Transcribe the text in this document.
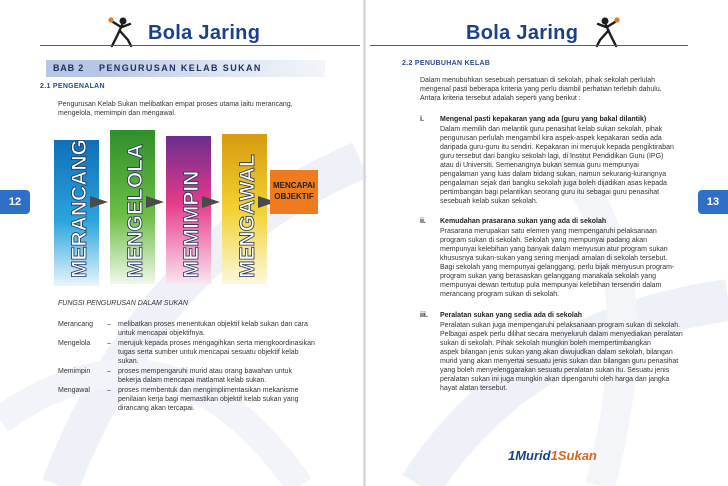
Bola Jaring	Bola Jaring
12	13
BAB 2 PENGURUSAN KELAB SUKAN
2.1 PENGENALAN
Pengurusan Kelab Sukan melibatkan empat proses utama iaitu merancang,
mengelola, memimpin dan mengawal.
MENCAPAI
OBJEKTIF
MERANCANG MENGELOLA MEMIMPIN MENGAWAL
FUNGSI PENGURUSAN DALAM SUKAN
Merancang	– melibatkan proses menentukan objektif kelab sukan dan cara
untuk mencapai objektifnya.
Mengelola	– merujuk kepada proses mengagihkan serta mengkoordinasikan
tugas serta sumber untuk mencapai sesuatu objektif kelab
sukan.
Memimpin	– proses mempengaruhi murid atau orang bawahan untuk
bekerja dalam mencapai matlamat kelab sukan.
Mengawal	– proses membentuk dan mengimplimentasikan mekanisme
penilaian kerja bagi memastikan objektif kelab sukan yang
dirancang akan tercapai.
2.2 PENUBUHAN KELAB
Dalam menubuhkan sesebuah persatuan di sekolah, pihak sekolah perlulah
mengenal pasti beberapa kriteria yang perlu diambil perhatian terlebih dahulu.
Antara kriteria tersebut adalah seperti yang berikut :
i. Mengenal pasti kepakaran yang ada (guru yang bakal dilantik)
Dalam memilih dan melantik guru penasihat kelab sukan sekolah, pihak
pengurusan perlulah mengambil kira aspek-aspek kepakaran sedia ada
daripada guru-guru itu sendiri. Kepakaran ini merujuk kepada pengiktiraban
guru tersebut dari bangku sekolah lagi, di Institut Pendidikan Guru (IPG)
atau di Universiti. Semenangnya bukan semua guru mempunyai
pengalaman yang luas dalam bidang sukan, namun sekurang-kurangnya
pengalaman sejak dari bangku sekolah juga boleh dijadikan asas kepada
pertimbangan bagi pelantikan seorang guru itu sebagai guru penasihat
sesebuah kelab sukan sekolah.
ii. Kemudahan prasarana sukan yang ada di sekolah
Prasarana merupakan satu elemen yang mempengaruhi pelaksanaan
program sukan di sekolah. Sekolah yang mempunyai padang akan
mempunyai kelebihan yang banyak dalam menyusun atur program sukan
khususnya sukan-sukan yang sering menjadi amalan di sekolah tersebut.
Bagi sekolah yang mempunyai gelanggang, perlu bijak menyusun program-
program sukan yang berasaskan gelanggang manakala sekolah yang
mempunyai dewan tertutup pula mempunyai kelebihan tersendiri dalam
merancang program sukan di sekolah.
iii. Peralatan sukan yang sedia ada di sekolah
Peralatan sukan juga mempengaruhi pelaksanaan program sukan di sekolah.
Pelbagai aspek perlu dilihat secara menyeluruh dalam menyediakan peralatan
sukan di sekolah. Pihak sekolah mungkin boleh mempertimbangkan
aspek bilangan jenis sukan yang akan diwujudkan dalam sekolah, bilangan
murid yang akan menyertai sesuatu jenis sukan dan bilangan guru penasihat
yang boleh menyelenggarakan sesuatu peralatan sukan itu. Sesuatu jenis
peralatan sukan ini juga mungkin akan dipengaruhi oleh harga dan jangka
hayat alatan tersebut.
1Murid1Sukan
